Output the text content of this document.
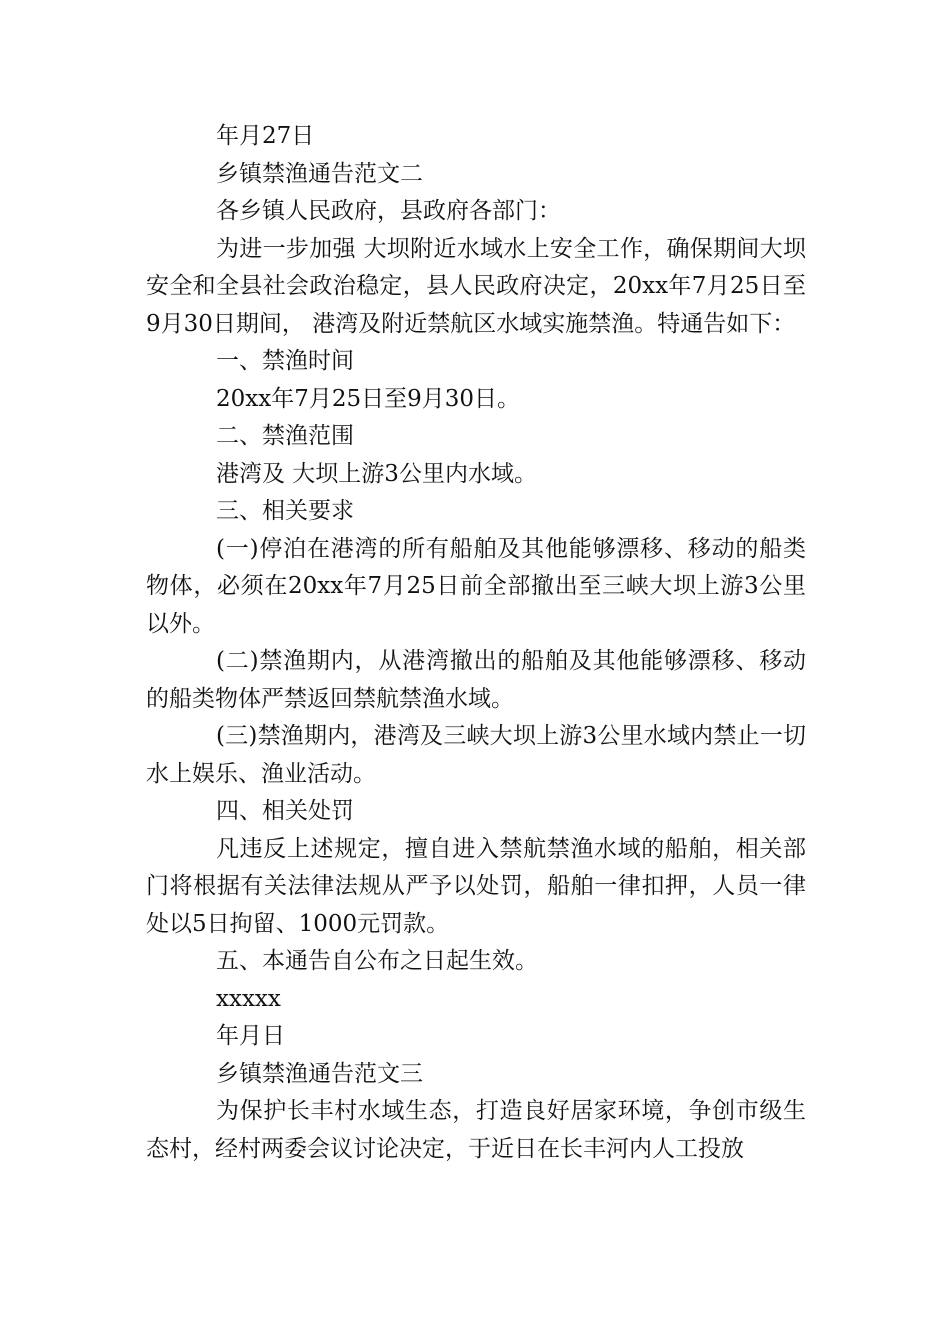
年月27日

乡镇禁渔通告范文二

各乡镇人民政府，县政府各部门：

为进一步加强 大坝附近水域水上安全工作，确保期间大坝安全和全县社会政治稳定，县人民政府决定，20xx年7月25日至9月30日期间， 港湾及附近禁航区水域实施禁渔。特通告如下：

一、禁渔时间

20xx年7月25日至9月30日。

二、禁渔范围

港湾及 大坝上游3公里内水域。

三、相关要求

(一)停泊在港湾的所有船舶及其他能够漂移、移动的船类物体，必须在20xx年7月25日前全部撤出至三峡大坝上游3公里以外。

(二)禁渔期内，从港湾撤出的船舶及其他能够漂移、移动的船类物体严禁返回禁航禁渔水域。

(三)禁渔期内，港湾及三峡大坝上游3公里水域内禁止一切水上娱乐、渔业活动。

四、相关处罚

凡违反上述规定，擅自进入禁航禁渔水域的船舶，相关部门将根据有关法律法规从严予以处罚，船舶一律扣押，人员一律处以5日拘留、1000元罚款。

五、本通告自公布之日起生效。

xxxxx

年月日

乡镇禁渔通告范文三

为保护长丰村水域生态，打造良好居家环境，争创市级生态村，经村两委会议讨论决定，于近日在长丰河内人工投放
